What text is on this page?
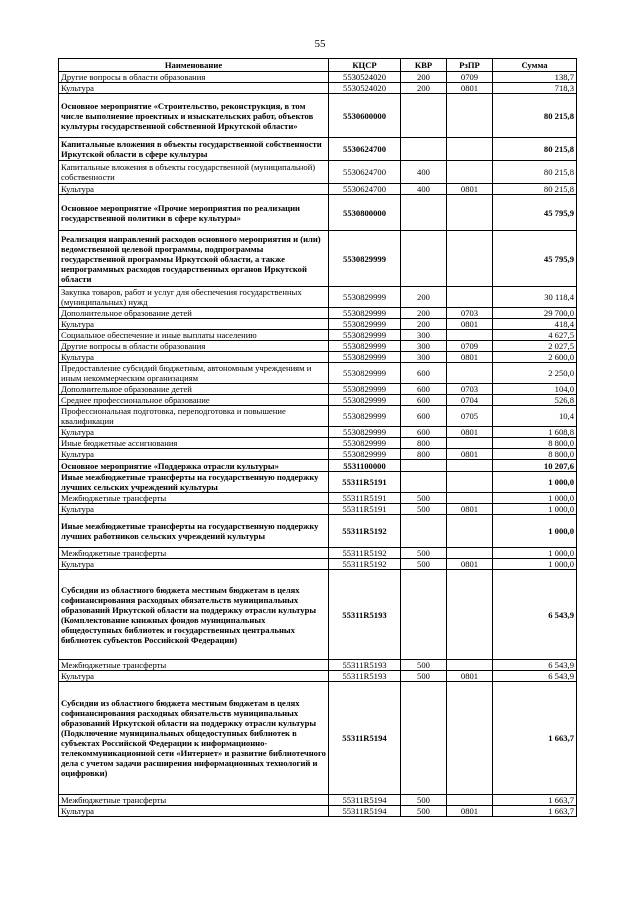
55
Наименование	КЦСР	КВР	РзПР	Сумма
Другие вопросы в области образования	5530524020	200	0709	138,7
Культура	5530524020	200	0801	718,3
Основное мероприятие «Строительство, реконструкция, в том числе выполнение проектных и изыскательских работ, объектов культуры государственной собственной Иркутской области»	5530600000			80 215,8
Капитальные вложения в объекты государственной собственности Иркутской области в сфере культуры	5530624700			80 215,8
Капитальные вложения в объекты государственной (муниципальной) собственности	5530624700	400		80 215,8
Культура	5530624700	400	0801	80 215,8
Основное мероприятие «Прочие мероприятия по реализации государственной политики в сфере культуры»	5530800000			45 795,9
Реализация направлений расходов основного мероприятия и (или) ведомственной целевой программы, подпрограммы государственной программы Иркутской области, а также непрограммных расходов государственных органов Иркутской области	5530829999			45 795,9
Закупка товаров, работ и услуг для обеспечения государственных (муниципальных) нужд	5530829999	200		30 118,4
Дополнительное образование детей	5530829999	200	0703	29 700,0
Культура	5530829999	200	0801	418,4
Социальное обеспечение и иные выплаты населению	5530829999	300		4 627,5
Другие вопросы в области образования	5530829999	300	0709	2 027,5
Культура	5530829999	300	0801	2 600,0
Предоставление субсидий бюджетным, автономным учреждениям и иным некоммерческим организациям	5530829999	600		2 250,0
Дополнительное образование детей	5530829999	600	0703	104,0
Среднее профессиональное образование	5530829999	600	0704	526,8
Профессиональная подготовка, переподготовка и повышение квалификации	5530829999	600	0705	10,4
Культура	5530829999	600	0801	1 608,8
Иные бюджетные ассигнования	5530829999	800		8 800,0
Культура	5530829999	800	0801	8 800,0
Основное мероприятие «Поддержка отрасли культуры»	5531100000			10 207,6
Иные межбюджетные трансферты на государственную поддержку лучших сельских учреждений культуры	55311R5191			1 000,0
Межбюджетные трансферты	55311R5191	500		1 000,0
Культура	55311R5191	500	0801	1 000,0
Иные межбюджетные трансферты на государственную поддержку лучших работников сельских учреждений культуры	55311R5192			1 000,0
Межбюджетные трансферты	55311R5192	500		1 000,0
Культура	55311R5192	500	0801	1 000,0
Субсидии из областного бюджета местным бюджетам в целях софинансирования расходных обязательств муниципальных образований Иркутской области на поддержку отрасли культуры (Комплектование книжных фондов муниципальных общедоступных библиотек и государственных центральных библиотек субъектов Российской Федерации)	55311R5193			6 543,9
Межбюджетные трансферты	55311R5193	500		6 543,9
Культура	55311R5193	500	0801	6 543,9
Субсидии из областного бюджета местным бюджетам в целях софинансирования расходных обязательств муниципальных образований Иркутской области на поддержку отрасли культуры (Подключение муниципальных общедоступных библиотек в субъектах Российской Федерации к информационно-телекоммуникационной сети «Интернет» и развитие библиотечного дела с учетом задачи расширения информационных технологий и оцифровки)	55311R5194			1 663,7
Межбюджетные трансферты	55311R5194	500		1 663,7
Культура	55311R5194	500	0801	1 663,7
